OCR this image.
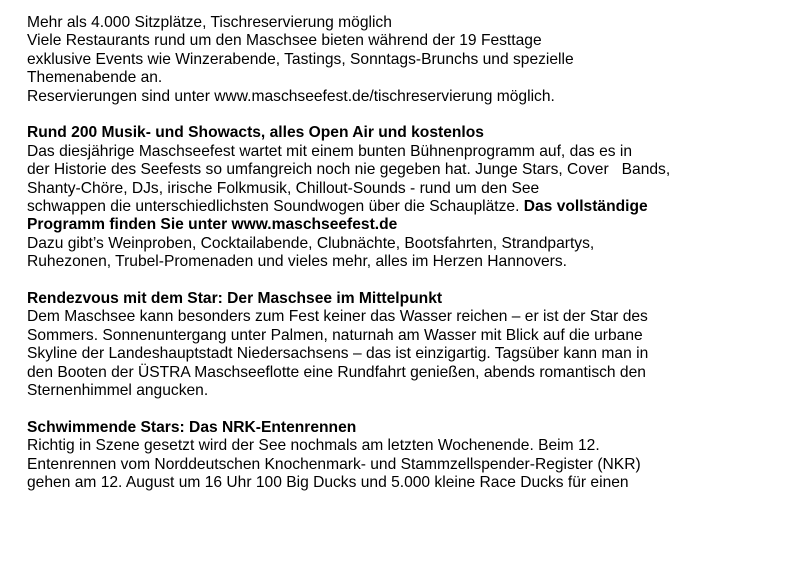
Mehr als 4.000 Sitzplätze, Tischreservierung möglich
Viele Restaurants rund um den Maschsee bieten während der 19 Festtage
exklusive Events wie Winzerabende, Tastings, Sonntags-Brunchs und spezielle
Themenabende an.
Reservierungen sind unter www.maschseefest.de/tischreservierung möglich.

Rund 200 Musik- und Showacts, alles Open Air und kostenlos

Das diesjährige Maschseefest wartet mit einem bunten Bühnenprogramm auf, das es in
der Historie des Seefests so umfangreich noch nie gegeben hat. Junge Stars, Cover   Bands,
Shanty-Chöre, DJs, irische Folkmusik, Chillout-Sounds - rund um den See
schwappen die unterschiedlichsten Soundwogen über die Schauplätze. Das vollständige
Programm finden Sie unter www.maschseefest.de
Dazu gibt’s Weinproben, Cocktailabende, Clubnächte, Bootsfahrten, Strandpartys,
Ruhezonen, Trubel-Promenaden und vieles mehr, alles im Herzen Hannovers.

Rendezvous mit dem Star: Der Maschsee im Mittelpunkt

Dem Maschsee kann besonders zum Fest keiner das Wasser reichen – er ist der Star des
Sommers. Sonnenuntergang unter Palmen, naturnah am Wasser mit Blick auf die urbane
Skyline der Landeshauptstadt Niedersachsens – das ist einzigartig. Tagsüber kann man in
den Booten der ÜSTRA Maschseeflotte eine Rundfahrt genießen, abends romantisch den
Sternenhimmel angucken.

Schwimmende Stars: Das NRK-Entenrennen

Richtig in Szene gesetzt wird der See nochmals am letzten Wochenende. Beim 12.
Entenrennen vom Norddeutschen Knochenmark- und Stammzellspender-Register (NKR)
gehen am 12. August um 16 Uhr 100 Big Ducks und 5.000 kleine Race Ducks für einen
